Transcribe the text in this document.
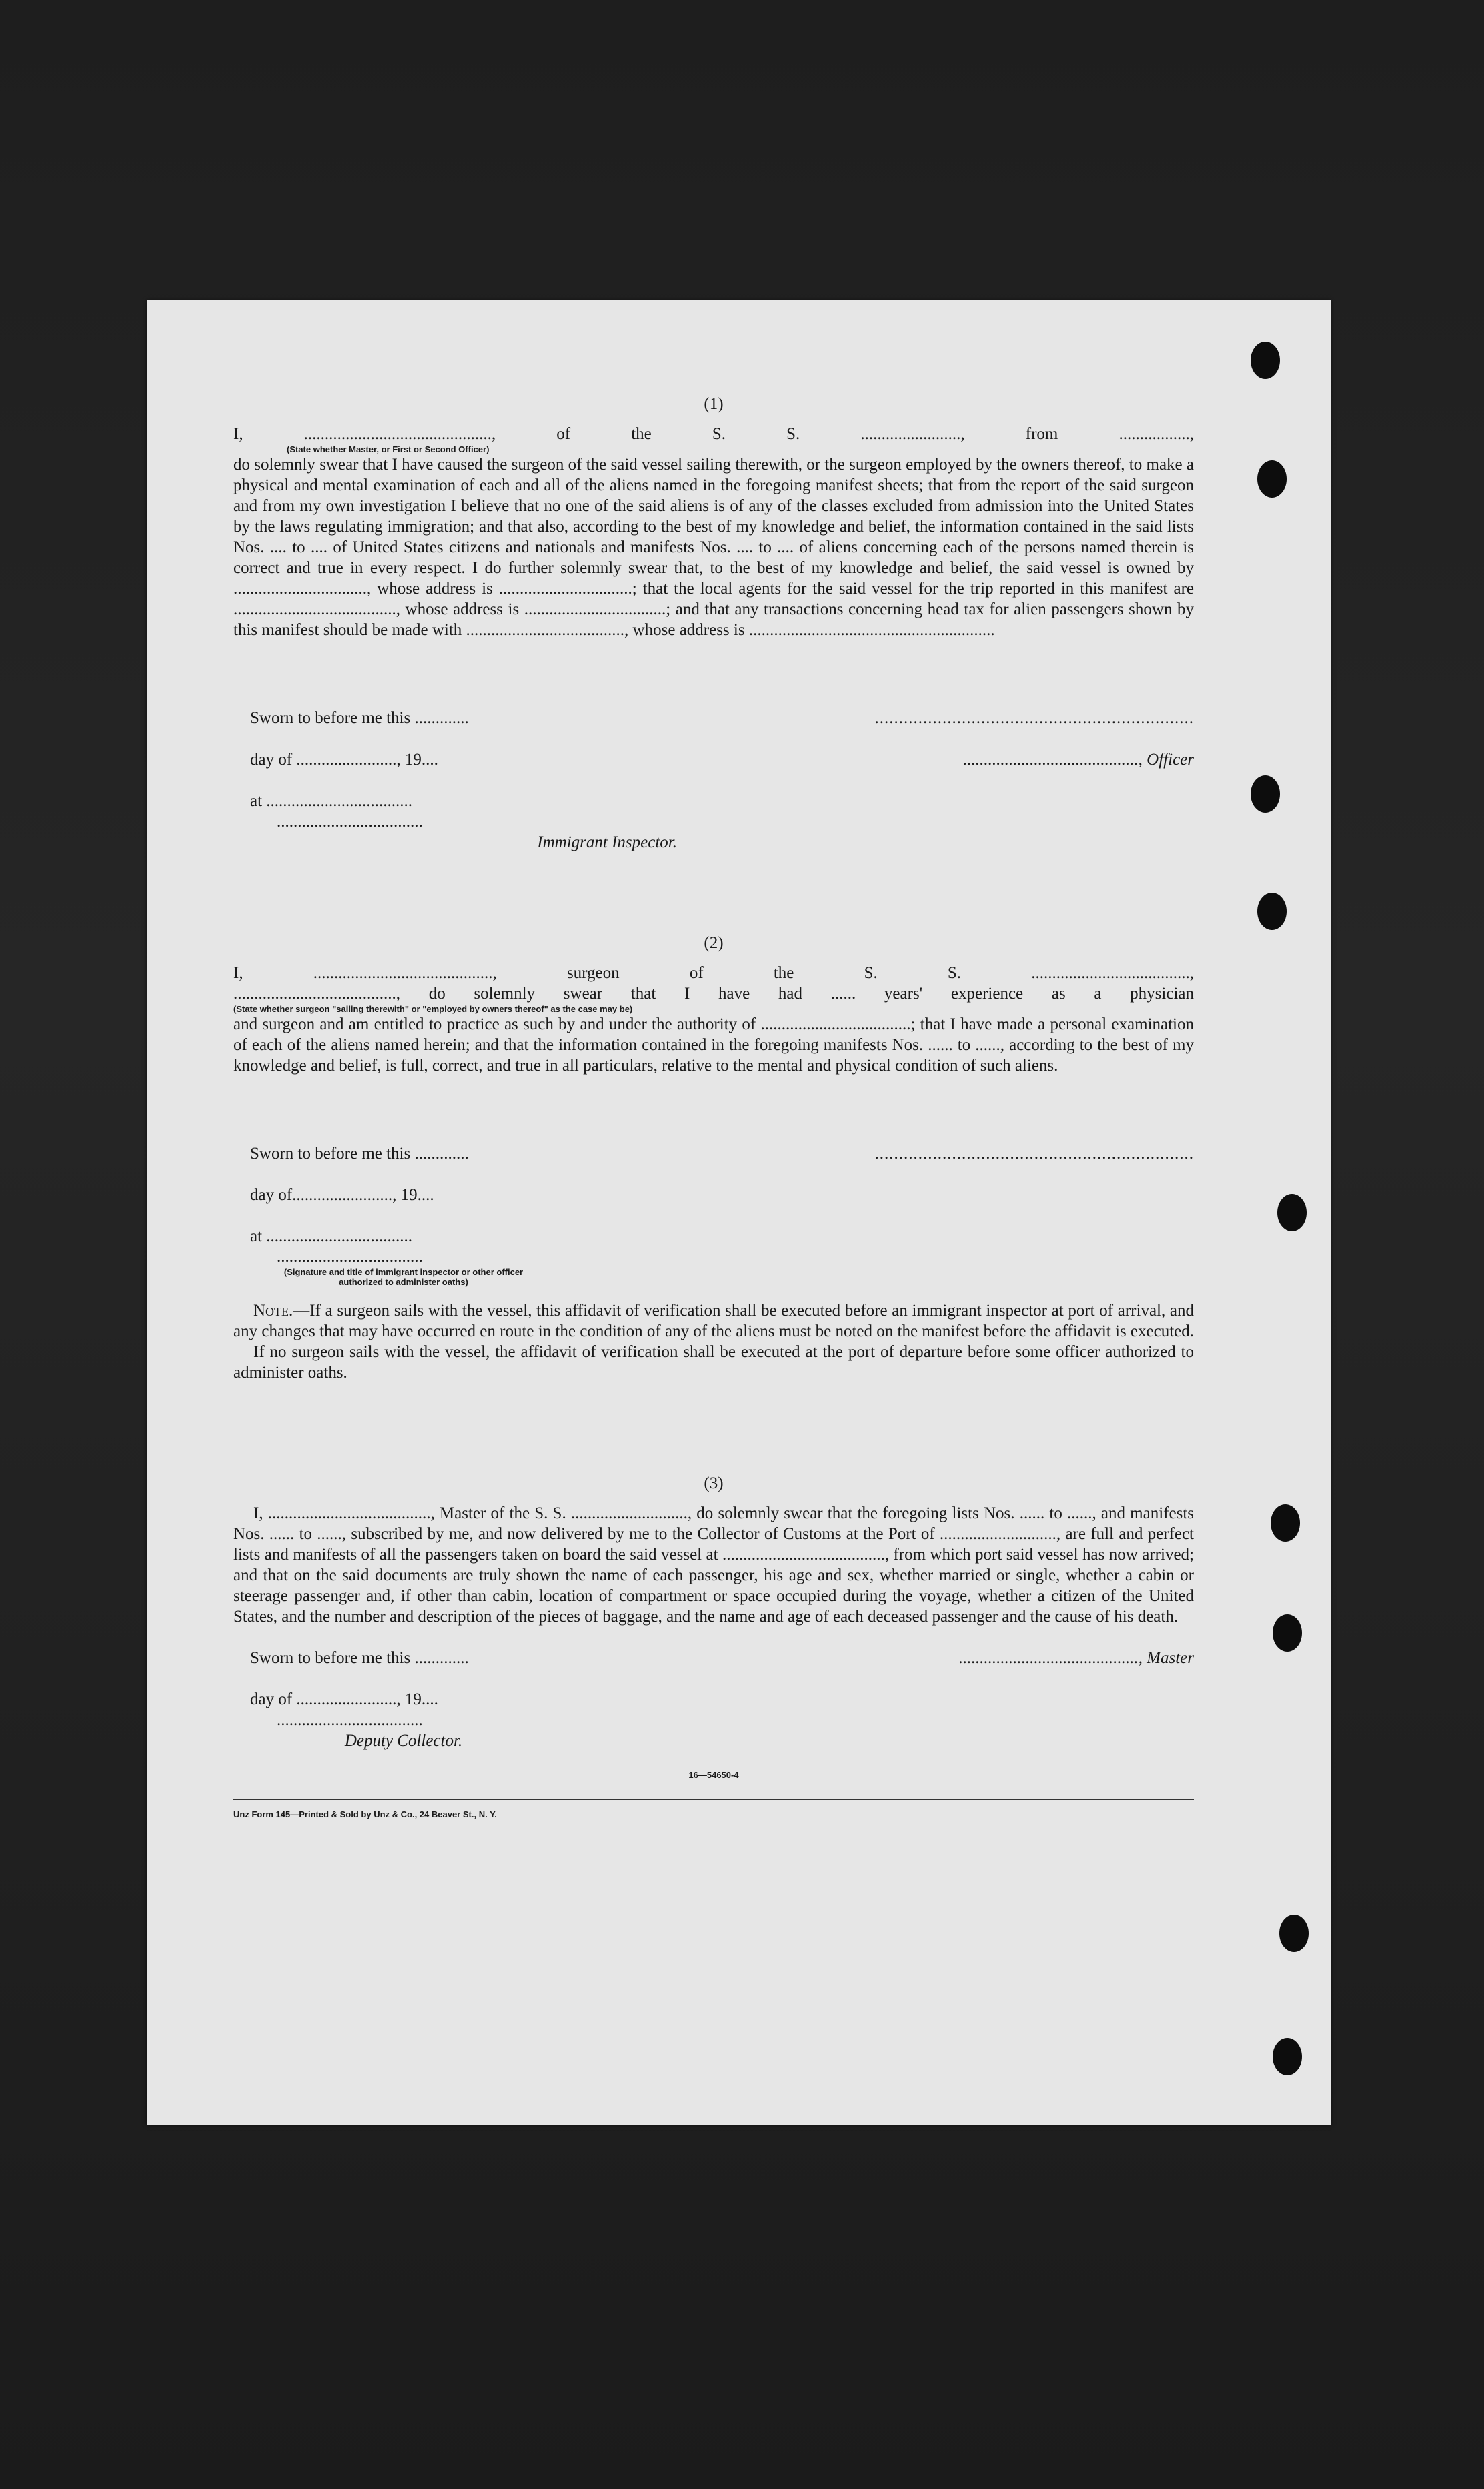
(1)
I, ............................................., of the S. S. ........................, from .................,
(State whether Master, or First or Second Officer)

do solemnly swear that I have caused the surgeon of the said vessel sailing therewith, or the surgeon employed by the owners thereof, to make a physical and mental examination of each and all of the aliens named in the foregoing manifest sheets; that from the report of the said surgeon and from my own investigation I believe that no one of the said aliens is of any of the classes excluded from admission into the United States by the laws regulating immigration; and that also, according to the best of my knowledge and belief, the information contained in the said lists Nos. .... to .... of United States citizens and nationals and manifests Nos. .... to .... of aliens concerning each of the persons named therein is correct and true in every respect. I do further solemnly swear that, to the best of my knowledge and belief, the said vessel is owned by ................................, whose address is ................................; that the local agents for the said vessel for the trip reported in this manifest are ......................................., whose address is ..................................; and that any transactions concerning head tax for alien passengers shown by this manifest should be made with ......................................, whose address is ...........................................................

Sworn to before me this .............	..................................................................
day of ........................, 19....	.........................................., Officer
at ...................................
...................................
Immigrant Inspector.
(2)
I, ..........................................., surgeon of the S. S. ......................................,
......................................., do solemnly swear that I have had ...... years' experience as a physician
(State whether surgeon "sailing therewith" or "employed by owners thereof" as the case may be)

and surgeon and am entitled to practice as such by and under the authority of ....................................; that I have made a personal examination of each of the aliens named herein; and that the information contained in the foregoing manifests Nos. ...... to ......, according to the best of my knowledge and belief, is full, correct, and true in all particulars, relative to the mental and physical condition of such aliens.

Sworn to before me this .............	..................................................................
day of........................, 19....
at ...................................
...................................
(Signature and title of immigrant inspector or other officer authorized to administer oaths)

Note.—If a surgeon sails with the vessel, this affidavit of verification shall be executed before an immigrant inspector at port of arrival, and any changes that may have occurred en route in the condition of any of the aliens must be noted on the manifest before the affidavit is executed.

If no surgeon sails with the vessel, the affidavit of verification shall be executed at the port of departure before some officer authorized to administer oaths.

(3)

I, ......................................., Master of the S. S. ............................, do solemnly swear that the foregoing lists Nos. ...... to ......, and manifests Nos. ...... to ......, subscribed by me, and now delivered by me to the Collector of Customs at the Port of ............................, are full and perfect lists and manifests of all the passengers taken on board the said vessel at ......................................., from which port said vessel has now arrived; and that on the said documents are truly shown the name of each passenger, his age and sex, whether married or single, whether a cabin or steerage passenger and, if other than cabin, location of compartment or space occupied during the voyage, whether a citizen of the United States, and the number and description of the pieces of baggage, and the name and age of each deceased passenger and the cause of his death.

Sworn to before me this .............	..........................................., Master
day of ........................, 19....
...................................
Deputy Collector.
16—54650-4
Unz Form 145—Printed & Sold by Unz & Co., 24 Beaver St., N. Y.
